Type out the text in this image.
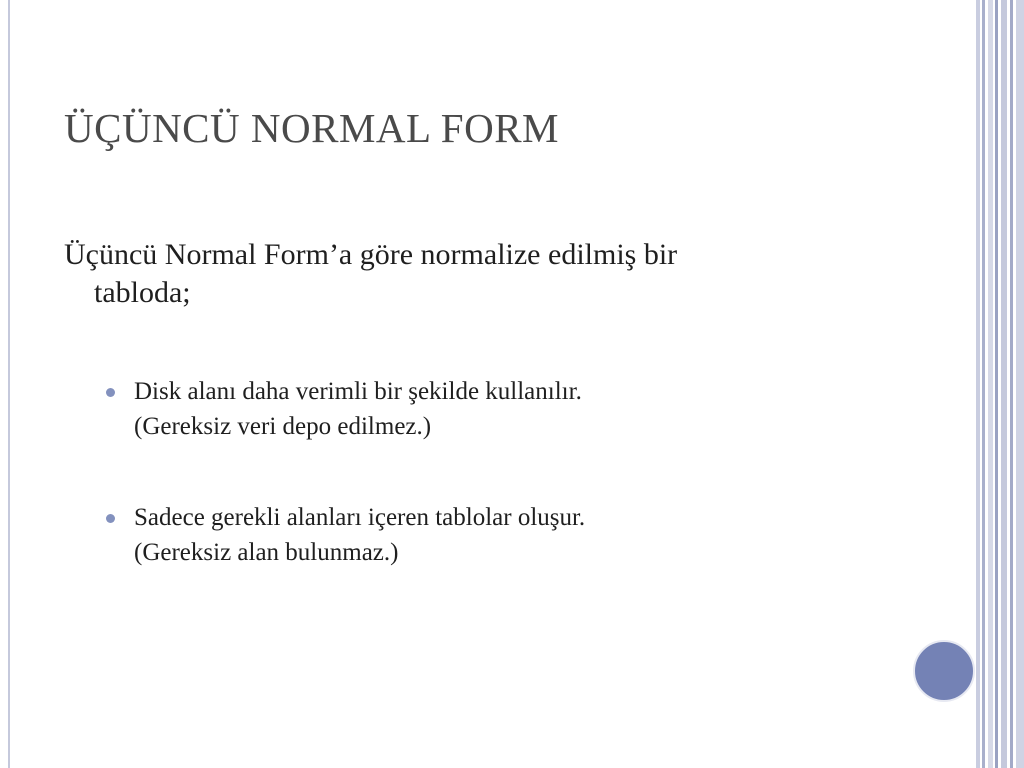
ÜÇÜNCÜ NORMAL FORM
Üçüncü Normal Form’a göre normalize edilmiş bir
tabloda;
Disk alanı daha verimli bir şekilde kullanılır.
(Gereksiz veri depo edilmez.)
Sadece gerekli alanları içeren tablolar oluşur.
(Gereksiz alan bulunmaz.)
